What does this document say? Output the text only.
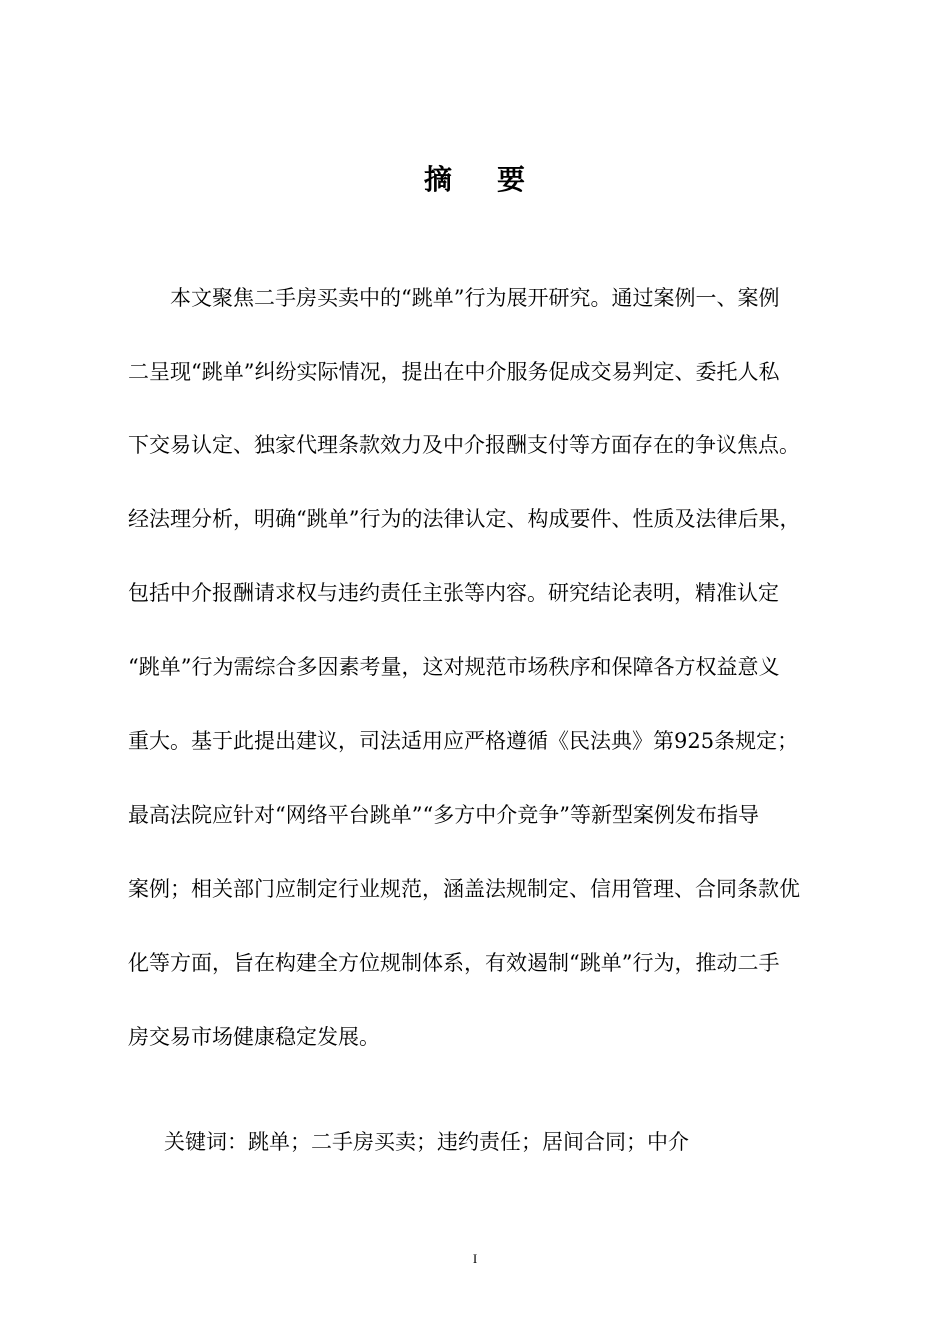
摘 要
本文聚焦二手房买卖中的“跳单”行为展开研究。通过案例一、案例
二呈现“跳单”纠纷实际情况，提出在中介服务促成交易判定、委托人私
下交易认定、独家代理条款效力及中介报酬支付等方面存在的争议焦点。
经法理分析，明确“跳单”行为的法律认定、构成要件、性质及法律后果，
包括中介报酬请求权与违约责任主张等内容。研究结论表明，精准认定
“跳单”行为需综合多因素考量，这对规范市场秩序和保障各方权益意义
重大。基于此提出建议，司法适用应严格遵循《民法典》第925条规定；
最高法院应针对“网络平台跳单”“多方中介竞争”等新型案例发布指导
案例；相关部门应制定行业规范，涵盖法规制定、信用管理、合同条款优
化等方面，旨在构建全方位规制体系，有效遏制“跳单”行为，推动二手
房交易市场健康稳定发展。
关键词：跳单；二手房买卖；违约责任；居间合同；中介
I
